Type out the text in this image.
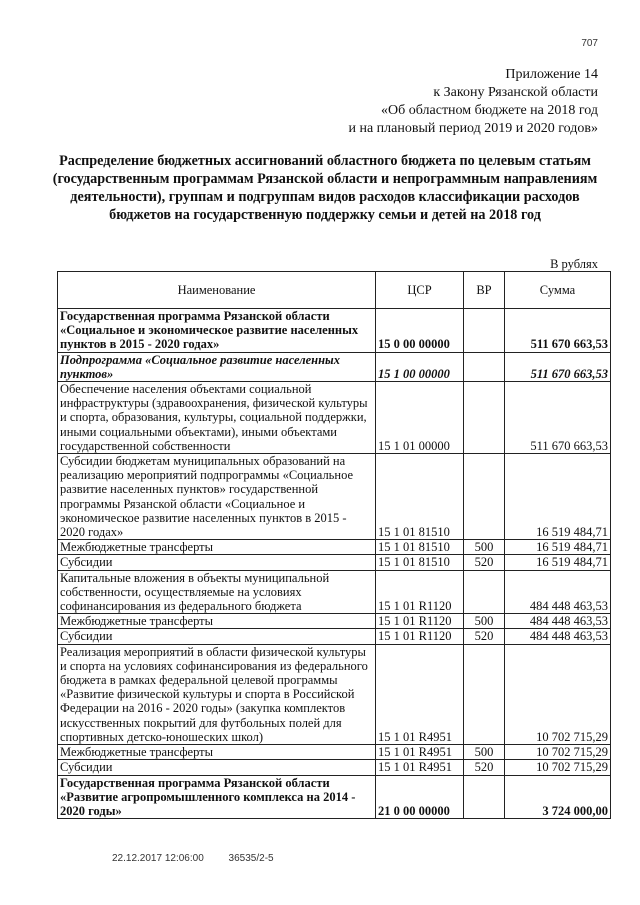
707
Приложение 14
к Закону Рязанской области
«Об областном бюджете на 2018 год
и на плановый период 2019 и 2020 годов»
Распределение бюджетных ассигнований областного бюджета по целевым статьям (государственным программам Рязанской области и непрограммным направлениям деятельности), группам и подгруппам видов расходов классификации расходов бюджетов на государственную поддержку семьи и детей на 2018 год
В рублях
Наименование	ЦСР	ВР	Сумма
Государственная программа Рязанской области «Социальное и экономическое развитие населенных пунктов в 2015 - 2020 годах»	15 0 00 00000		511 670 663,53
Подпрограмма «Социальное развитие населенных пунктов»	15 1 00 00000		511 670 663,53
Обеспечение населения объектами социальной инфраструктуры (здравоохранения, физической культуры и спорта, образования, культуры, социальной поддержки, иными социальными объектами), иными объектами государственной собственности	15 1 01 00000		511 670 663,53
Субсидии бюджетам муниципальных образований на реализацию мероприятий подпрограммы «Социальное развитие населенных пунктов» государственной программы Рязанской области «Социальное и экономическое развитие населенных пунктов в 2015 - 2020 годах»	15 1 01 81510		16 519 484,71
Межбюджетные трансферты	15 1 01 81510	500	16 519 484,71
Субсидии	15 1 01 81510	520	16 519 484,71
Капитальные вложения в объекты муниципальной собственности, осуществляемые на условиях софинансирования из федерального бюджета	15 1 01 R1120		484 448 463,53
Межбюджетные трансферты	15 1 01 R1120	500	484 448 463,53
Субсидии	15 1 01 R1120	520	484 448 463,53
Реализация мероприятий в области физической культуры и спорта на условиях софинансирования из федерального бюджета в рамках федеральной целевой программы «Развитие физической культуры и спорта в Российской Федерации на 2016 - 2020 годы» (закупка комплектов искусственных покрытий для футбольных полей для спортивных детско-юношеских школ)	15 1 01 R4951		10 702 715,29
Межбюджетные трансферты	15 1 01 R4951	500	10 702 715,29
Субсидии	15 1 01 R4951	520	10 702 715,29
Государственная программа Рязанской области «Развитие агропромышленного комплекса на 2014 - 2020 годы»	21 0 00 00000		3 724 000,00
22.12.2017 12:06:00 36535/2-5
